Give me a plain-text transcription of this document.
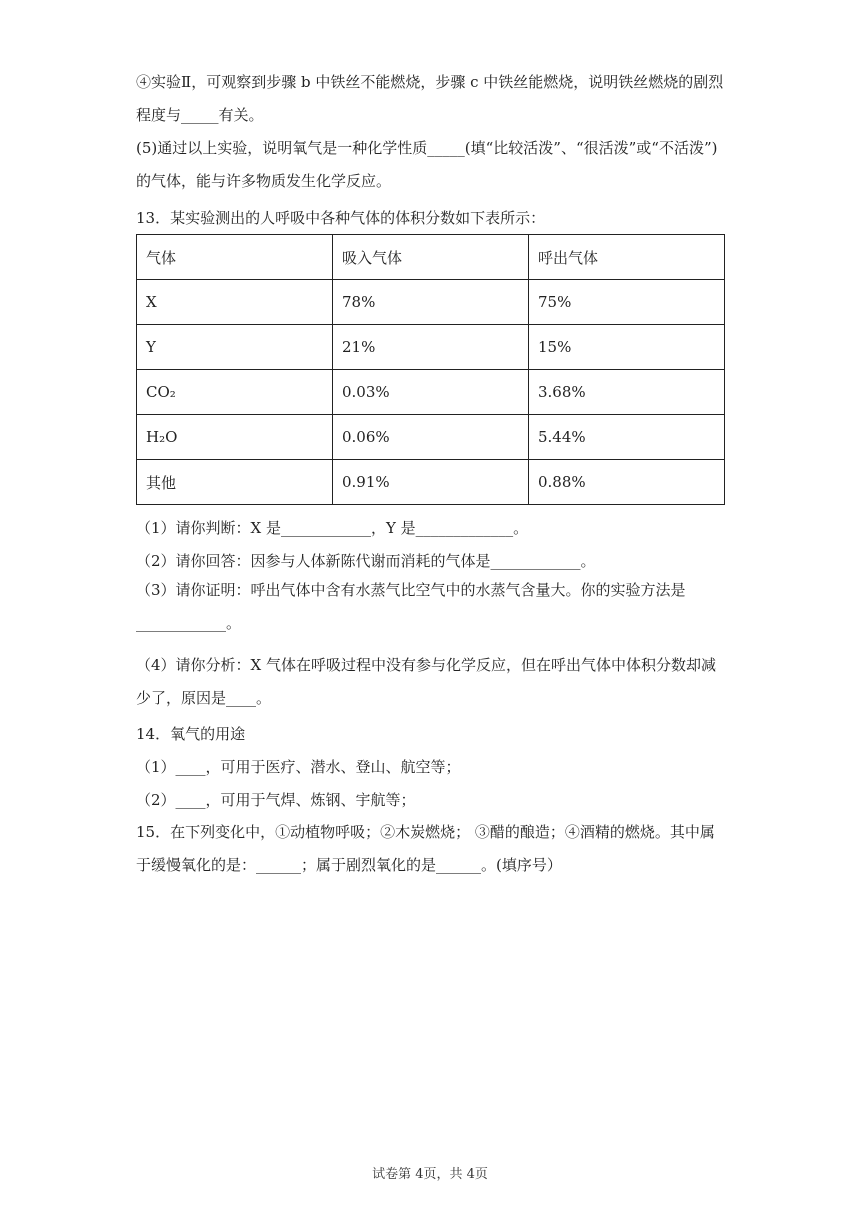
④实验Ⅱ，可观察到步骤 b 中铁丝不能燃烧，步骤 c 中铁丝能燃烧，说明铁丝燃烧的剧烈程度与_____有关。

(5)通过以上实验，说明氧气是一种化学性质_____(填“比较活泼”、“很活泼”或“不活泼”)的气体，能与许多物质发生化学反应。

13．某实验测出的人呼吸中各种气体的体积分数如下表所示：
气体	吸入气体	呼出气体
X	78%	75%
Y	21%	15%
CO₂	0.03%	3.68%
H₂O	0.06%	5.44%
其他	0.91%	0.88%
（1）请你判断：X 是____________，Y 是_____________。
（2）请你回答：因参与人体新陈代谢而消耗的气体是____________。

（3）请你证明：呼出气体中含有水蒸气比空气中的水蒸气含量大。你的实验方法是____________。

（4）请你分析：X 气体在呼吸过程中没有参与化学反应，但在呼出气体中体积分数却减少了，原因是____。

14．氧气的用途
（1）____，可用于医疗、潜水、登山、航空等；
（2）____，可用于气焊、炼钢、宇航等；

15．在下列变化中，①动植物呼吸；②木炭燃烧； ③醋的酿造；④酒精的燃烧。其中属于缓慢氧化的是：______；属于剧烈氧化的是______。(填序号）

试卷第 4页，共 4页
